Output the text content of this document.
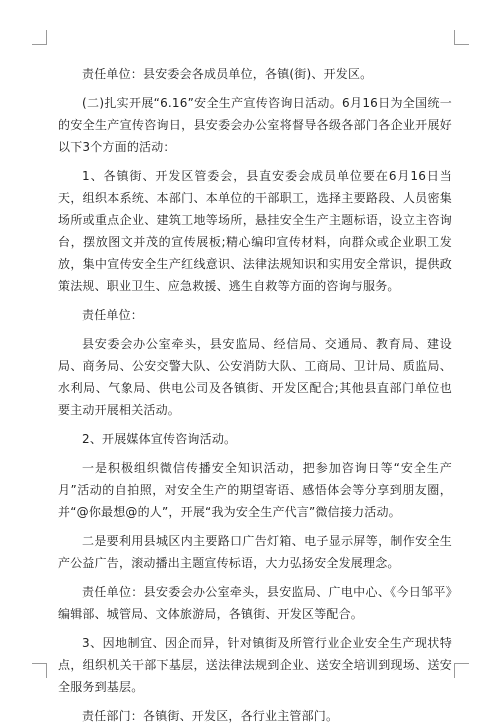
责任单位：县安委会各成员单位，各镇(街)、开发区。

(二)扎实开展“6.16”安全生产宣传咨询日活动。6月16日为全国统一的安全生产宣传咨询日，县安委会办公室将督导各级各部门各企业开展好以下3个方面的活动：

1、各镇街、开发区管委会，县直安委会成员单位要在6月16日当天，组织本系统、本部门、本单位的干部职工，选择主要路段、人员密集场所或重点企业、建筑工地等场所，悬挂安全生产主题标语，设立主咨询台，摆放图文并茂的宣传展板;精心编印宣传材料，向群众或企业职工发放，集中宣传安全生产红线意识、法律法规知识和实用安全常识，提供政策法规、职业卫生、应急救援、逃生自救等方面的咨询与服务。

责任单位：

县安委会办公室牵头，县安监局、经信局、交通局、教育局、建设局、商务局、公安交警大队、公安消防大队、工商局、卫计局、质监局、水利局、气象局、供电公司及各镇街、开发区配合;其他县直部门单位也要主动开展相关活动。

2、开展媒体宣传咨询活动。

一是积极组织微信传播安全知识活动，把参加咨询日等“安全生产月”活动的自拍照，对安全生产的期望寄语、感悟体会等分享到朋友圈，并“@你最想@的人”，开展“我为安全生产代言”微信接力活动。

二是要利用县城区内主要路口广告灯箱、电子显示屏等，制作安全生产公益广告，滚动播出主题宣传标语，大力弘扬安全发展理念。

责任单位：县安委会办公室牵头，县安监局、广电中心、《今日邹平》编辑部、城管局、文体旅游局，各镇街、开发区等配合。

3、因地制宜、因企而异，针对镇街及所管行业企业安全生产现状特点，组织机关干部下基层，送法律法规到企业、送安全培训到现场、送安全服务到基层。

责任部门：各镇街、开发区，各行业主管部门。
